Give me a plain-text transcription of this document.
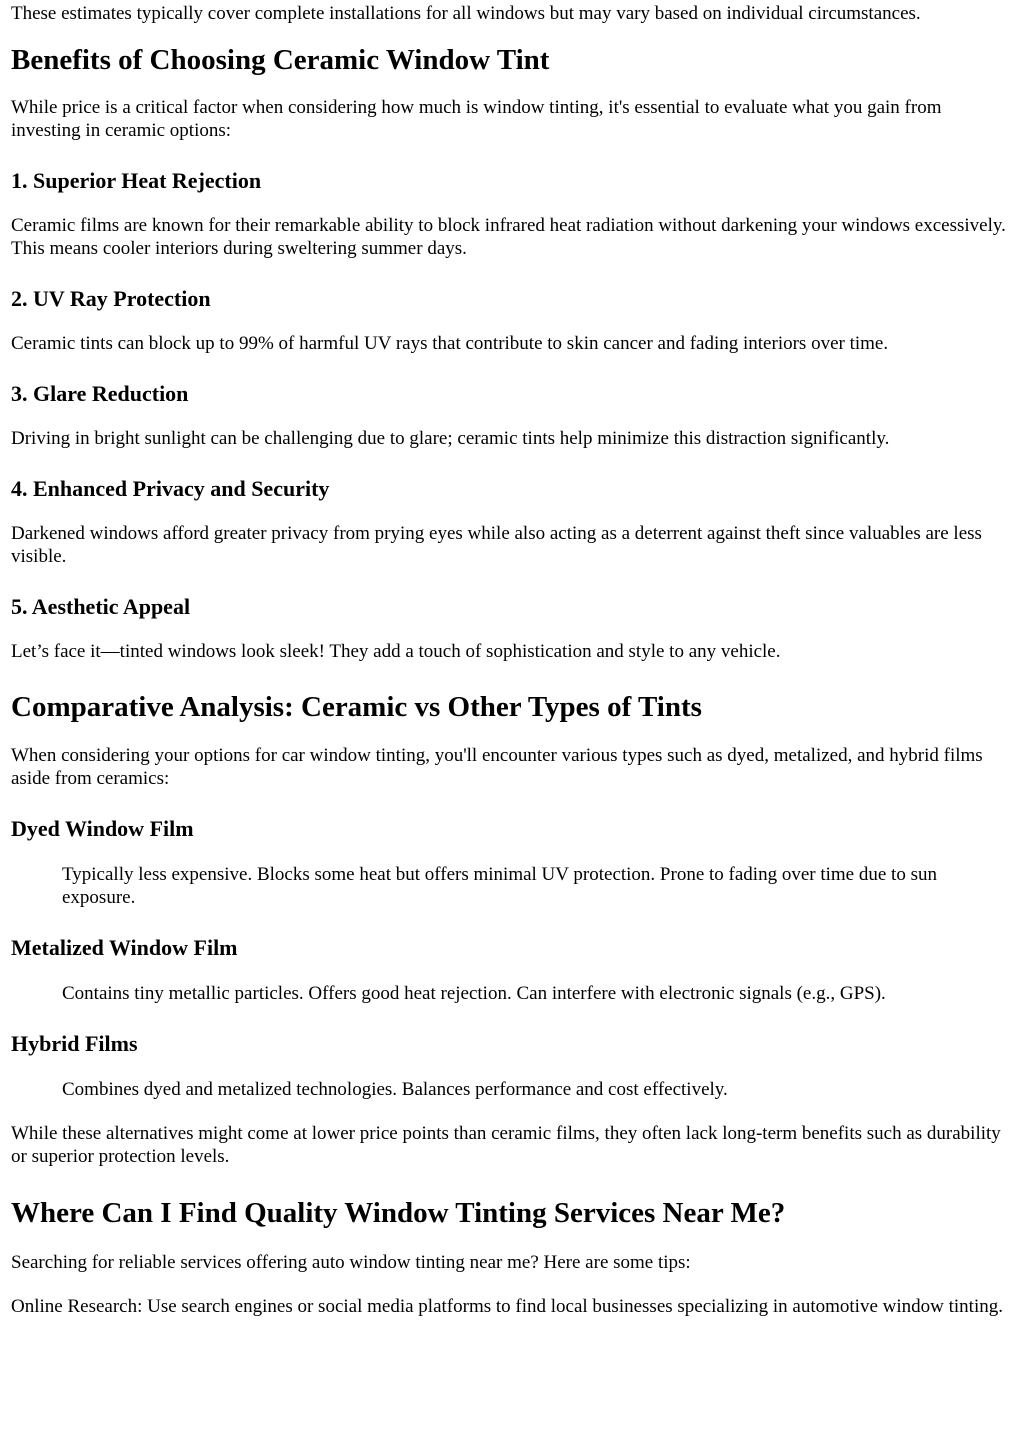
These estimates typically cover complete installations for all windows but may vary based on individual circumstances.

Benefits of Choosing Ceramic Window Tint

While price is a critical factor when considering how much is window tinting, it's essential to evaluate what you gain from investing in ceramic options:

1. Superior Heat Rejection

Ceramic films are known for their remarkable ability to block infrared heat radiation without darkening your windows excessively. This means cooler interiors during sweltering summer days.

2. UV Ray Protection

Ceramic tints can block up to 99% of harmful UV rays that contribute to skin cancer and fading interiors over time.

3. Glare Reduction

Driving in bright sunlight can be challenging due to glare; ceramic tints help minimize this distraction significantly.

4. Enhanced Privacy and Security

Darkened windows afford greater privacy from prying eyes while also acting as a deterrent against theft since valuables are less visible.

5. Aesthetic Appeal

Let’s face it—tinted windows look sleek! They add a touch of sophistication and style to any vehicle.

Comparative Analysis: Ceramic vs Other Types of Tints

When considering your options for car window tinting, you'll encounter various types such as dyed, metalized, and hybrid films aside from ceramics:

Dyed Window Film
Typically less expensive. Blocks some heat but offers minimal UV protection. Prone to fading over time due to sun exposure.
Metalized Window Film
Contains tiny metallic particles. Offers good heat rejection. Can interfere with electronic signals (e.g., GPS).
Hybrid Films
Combines dyed and metalized technologies. Balances performance and cost effectively.

While these alternatives might come at lower price points than ceramic films, they often lack long-term benefits such as durability or superior protection levels.

Where Can I Find Quality Window Tinting Services Near Me?

Searching for reliable services offering auto window tinting near me? Here are some tips:

Online Research: Use search engines or social media platforms to find local businesses specializing in automotive window tinting.
